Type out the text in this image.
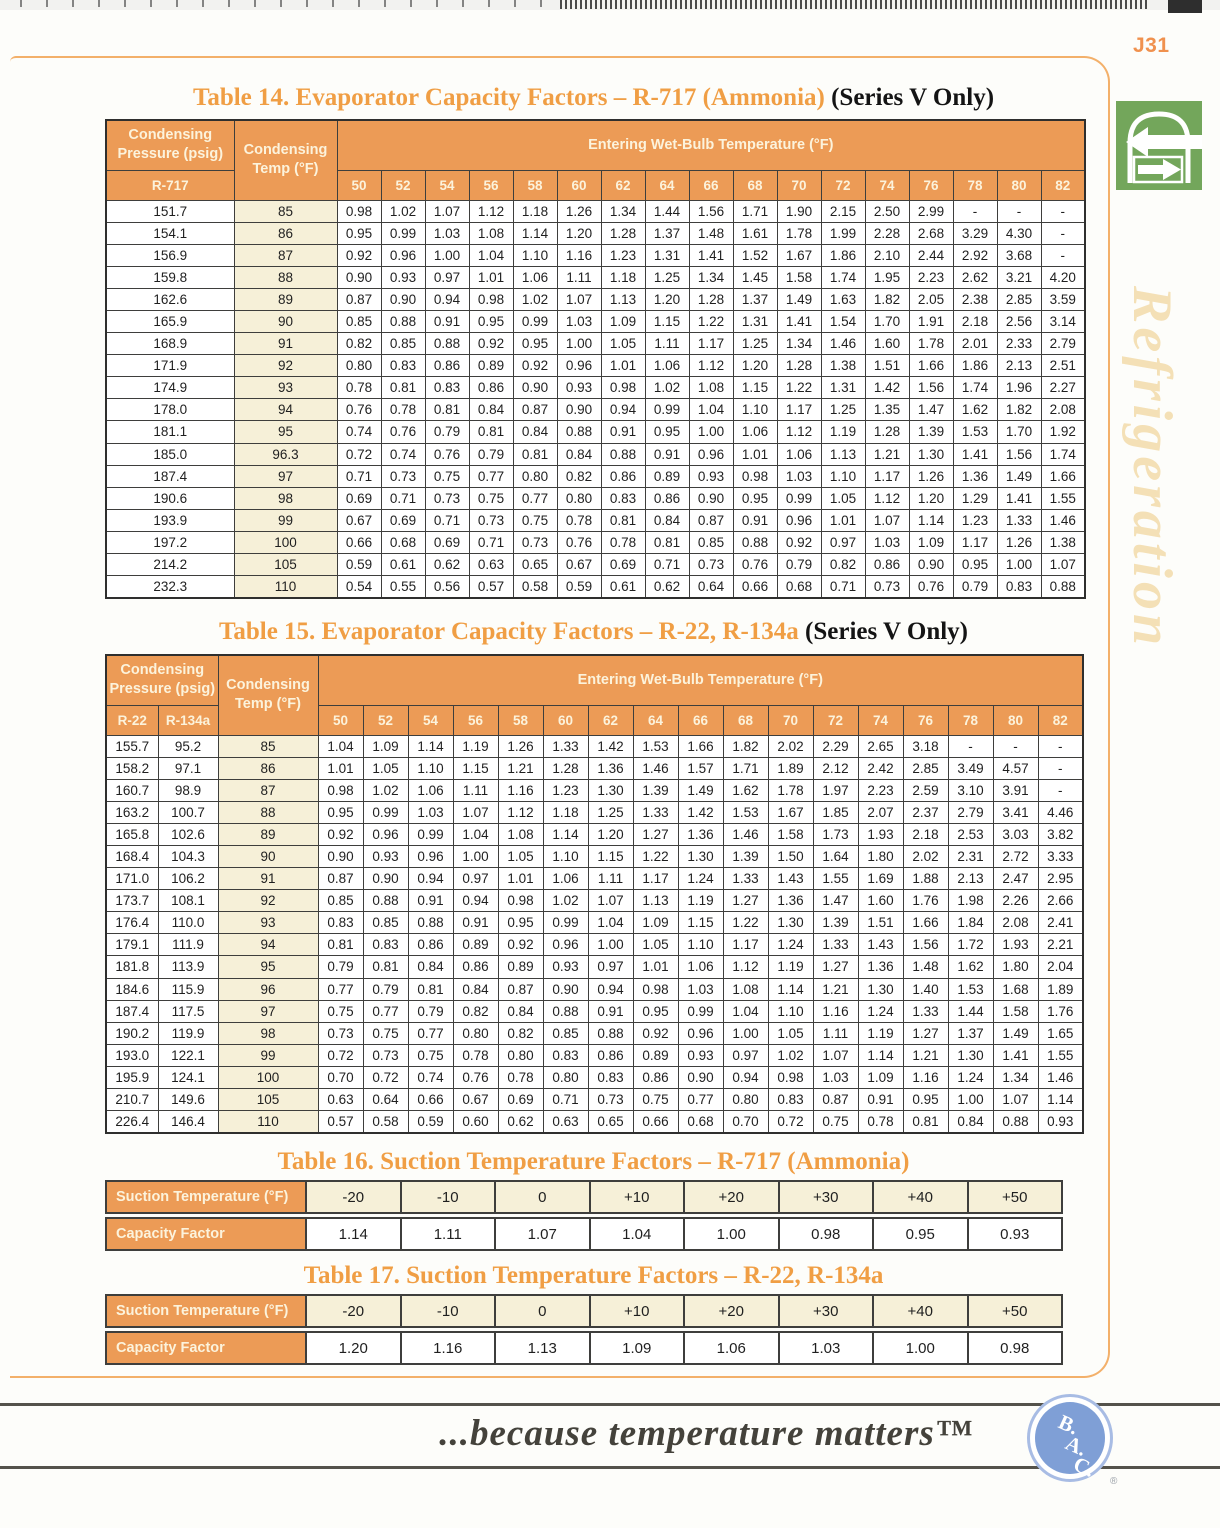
J31
Refrigeration
Table 14. Evaporator Capacity Factors – R-717 (Ammonia) (Series V Only)
Condensing Pressure (psig)	Condensing Temp (°F)	Entering Wet-Bulb Temperature (°F)																
R-717		50	52	54	56	58	60	62	64	66	68	70	72	74	76	78	80	82
151.7	85	0.98	1.02	1.07	1.12	1.18	1.26	1.34	1.44	1.56	1.71	1.90	2.15	2.50	2.99	-	-	-
154.1	86	0.95	0.99	1.03	1.08	1.14	1.20	1.28	1.37	1.48	1.61	1.78	1.99	2.28	2.68	3.29	4.30	-
156.9	87	0.92	0.96	1.00	1.04	1.10	1.16	1.23	1.31	1.41	1.52	1.67	1.86	2.10	2.44	2.92	3.68	-
159.8	88	0.90	0.93	0.97	1.01	1.06	1.11	1.18	1.25	1.34	1.45	1.58	1.74	1.95	2.23	2.62	3.21	4.20
162.6	89	0.87	0.90	0.94	0.98	1.02	1.07	1.13	1.20	1.28	1.37	1.49	1.63	1.82	2.05	2.38	2.85	3.59
165.9	90	0.85	0.88	0.91	0.95	0.99	1.03	1.09	1.15	1.22	1.31	1.41	1.54	1.70	1.91	2.18	2.56	3.14
168.9	91	0.82	0.85	0.88	0.92	0.95	1.00	1.05	1.11	1.17	1.25	1.34	1.46	1.60	1.78	2.01	2.33	2.79
171.9	92	0.80	0.83	0.86	0.89	0.92	0.96	1.01	1.06	1.12	1.20	1.28	1.38	1.51	1.66	1.86	2.13	2.51
174.9	93	0.78	0.81	0.83	0.86	0.90	0.93	0.98	1.02	1.08	1.15	1.22	1.31	1.42	1.56	1.74	1.96	2.27
178.0	94	0.76	0.78	0.81	0.84	0.87	0.90	0.94	0.99	1.04	1.10	1.17	1.25	1.35	1.47	1.62	1.82	2.08
181.1	95	0.74	0.76	0.79	0.81	0.84	0.88	0.91	0.95	1.00	1.06	1.12	1.19	1.28	1.39	1.53	1.70	1.92
185.0	96.3	0.72	0.74	0.76	0.79	0.81	0.84	0.88	0.91	0.96	1.01	1.06	1.13	1.21	1.30	1.41	1.56	1.74
187.4	97	0.71	0.73	0.75	0.77	0.80	0.82	0.86	0.89	0.93	0.98	1.03	1.10	1.17	1.26	1.36	1.49	1.66
190.6	98	0.69	0.71	0.73	0.75	0.77	0.80	0.83	0.86	0.90	0.95	0.99	1.05	1.12	1.20	1.29	1.41	1.55
193.9	99	0.67	0.69	0.71	0.73	0.75	0.78	0.81	0.84	0.87	0.91	0.96	1.01	1.07	1.14	1.23	1.33	1.46
197.2	100	0.66	0.68	0.69	0.71	0.73	0.76	0.78	0.81	0.85	0.88	0.92	0.97	1.03	1.09	1.17	1.26	1.38
214.2	105	0.59	0.61	0.62	0.63	0.65	0.67	0.69	0.71	0.73	0.76	0.79	0.82	0.86	0.90	0.95	1.00	1.07
232.3	110	0.54	0.55	0.56	0.57	0.58	0.59	0.61	0.62	0.64	0.66	0.68	0.71	0.73	0.76	0.79	0.83	0.88
Table 15. Evaporator Capacity Factors – R-22, R-134a (Series V Only)
Condensing Pressure (psig)		Condensing Temp (°F)	Entering Wet-Bulb Temperature (°F)																
R-22	R-134a		50	52	54	56	58	60	62	64	66	68	70	72	74	76	78	80	82
155.7	95.2	85	1.04	1.09	1.14	1.19	1.26	1.33	1.42	1.53	1.66	1.82	2.02	2.29	2.65	3.18	-	-	-
158.2	97.1	86	1.01	1.05	1.10	1.15	1.21	1.28	1.36	1.46	1.57	1.71	1.89	2.12	2.42	2.85	3.49	4.57	-
160.7	98.9	87	0.98	1.02	1.06	1.11	1.16	1.23	1.30	1.39	1.49	1.62	1.78	1.97	2.23	2.59	3.10	3.91	-
163.2	100.7	88	0.95	0.99	1.03	1.07	1.12	1.18	1.25	1.33	1.42	1.53	1.67	1.85	2.07	2.37	2.79	3.41	4.46
165.8	102.6	89	0.92	0.96	0.99	1.04	1.08	1.14	1.20	1.27	1.36	1.46	1.58	1.73	1.93	2.18	2.53	3.03	3.82
168.4	104.3	90	0.90	0.93	0.96	1.00	1.05	1.10	1.15	1.22	1.30	1.39	1.50	1.64	1.80	2.02	2.31	2.72	3.33
171.0	106.2	91	0.87	0.90	0.94	0.97	1.01	1.06	1.11	1.17	1.24	1.33	1.43	1.55	1.69	1.88	2.13	2.47	2.95
173.7	108.1	92	0.85	0.88	0.91	0.94	0.98	1.02	1.07	1.13	1.19	1.27	1.36	1.47	1.60	1.76	1.98	2.26	2.66
176.4	110.0	93	0.83	0.85	0.88	0.91	0.95	0.99	1.04	1.09	1.15	1.22	1.30	1.39	1.51	1.66	1.84	2.08	2.41
179.1	111.9	94	0.81	0.83	0.86	0.89	0.92	0.96	1.00	1.05	1.10	1.17	1.24	1.33	1.43	1.56	1.72	1.93	2.21
181.8	113.9	95	0.79	0.81	0.84	0.86	0.89	0.93	0.97	1.01	1.06	1.12	1.19	1.27	1.36	1.48	1.62	1.80	2.04
184.6	115.9	96	0.77	0.79	0.81	0.84	0.87	0.90	0.94	0.98	1.03	1.08	1.14	1.21	1.30	1.40	1.53	1.68	1.89
187.4	117.5	97	0.75	0.77	0.79	0.82	0.84	0.88	0.91	0.95	0.99	1.04	1.10	1.16	1.24	1.33	1.44	1.58	1.76
190.2	119.9	98	0.73	0.75	0.77	0.80	0.82	0.85	0.88	0.92	0.96	1.00	1.05	1.11	1.19	1.27	1.37	1.49	1.65
193.0	122.1	99	0.72	0.73	0.75	0.78	0.80	0.83	0.86	0.89	0.93	0.97	1.02	1.07	1.14	1.21	1.30	1.41	1.55
195.9	124.1	100	0.70	0.72	0.74	0.76	0.78	0.80	0.83	0.86	0.90	0.94	0.98	1.03	1.09	1.16	1.24	1.34	1.46
210.7	149.6	105	0.63	0.64	0.66	0.67	0.69	0.71	0.73	0.75	0.77	0.80	0.83	0.87	0.91	0.95	1.00	1.07	1.14
226.4	146.4	110	0.57	0.58	0.59	0.60	0.62	0.63	0.65	0.66	0.68	0.70	0.72	0.75	0.78	0.81	0.84	0.88	0.93
Table 16. Suction Temperature Factors – R-717 (Ammonia)
Suction Temperature (°F)	-20	-10	0	+10	+20	+30	+40	+50
Capacity Factor	1.14	1.11	1.07	1.04	1.00	0.98	0.95	0.93
Table 17. Suction Temperature Factors – R-22, R-134a
Suction Temperature (°F)	-20	-10	0	+10	+20	+30	+40	+50
Capacity Factor	1.20	1.16	1.13	1.09	1.06	1.03	1.00	0.98
...because temperature matters™	B.
A.
C. ®
